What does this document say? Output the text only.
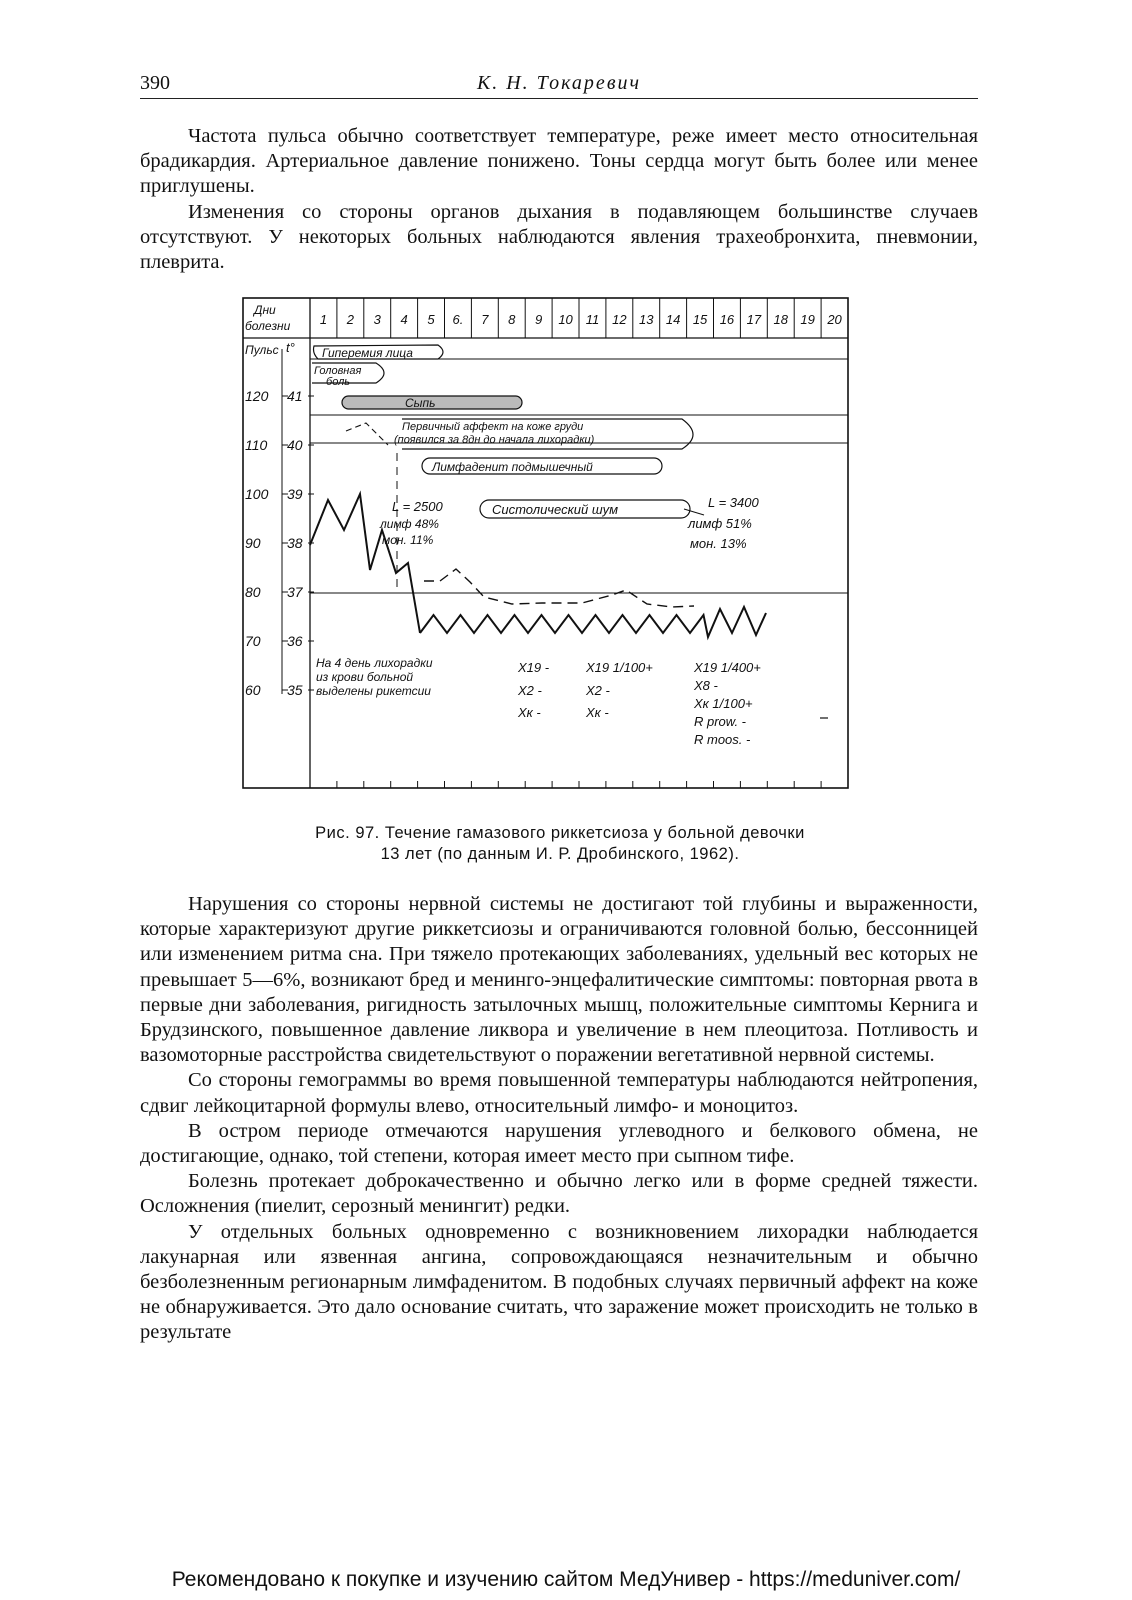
390	К. Н. Токаревич

Частота пульса обычно соответствует температуре, реже имеет место относительная брадикардия. Артериальное давление понижено. Тоны сердца могут быть более или менее приглушены.

Изменения со стороны органов дыхания в подавляющем большинстве случаев отсутствуют. У некоторых больных наблюдаются явления трахеобронхита, пневмонии, плеврита.

1 2 3 4 5 6. 7 8 9 10 11 12 13 14 15 16 17 18 19 20
120 41
110 40
100 39
90 38
80 37
70 36
60 35
Дни
болезни
Пульс t° Гиперемия лица
Головная
боль
Сыпь
Первичный аффект на коже груди
(появился за 8дн до начала лихорадки)
Лимфаденит подмышечный
Систолический шум
L = 2500
лимф 48%
мон. 11%
L = 3400
лимф 51%
мон. 13%
На 4 день лихорадки
из крови больной
выделены рикетсии
X19 -
X2 -
Xк -
X19 1/100+
X2 -
Xк -
X19 1/400+
X8 -
Xк 1/100+
R prow. -
R moos. -
Рис. 97. Течение гамазового риккетсиоза у больной девочки
13 лет (по данным И. Р. Дробинского, 1962).

Нарушения со стороны нервной системы не достигают той глубины и выраженности, которые характеризуют другие риккетсиозы и ограничиваются головной болью, бессонницей или изменением ритма сна. При тяжело протекающих заболеваниях, удельный вес которых не превышает 5—6%, возникают бред и менинго-энцефалитические симптомы: повторная рвота в первые дни заболевания, ригидность затылочных мышц, положительные симптомы Кернига и Брудзинского, повышенное давление ликвора и увеличение в нем плеоцитоза. Потливость и вазомоторные расстройства свидетельствуют о поражении вегетативной нервной системы.

Со стороны гемограммы во время повышенной температуры наблюдаются нейтропения, сдвиг лейкоцитарной формулы влево, относительный лимфо- и моноцитоз.

В остром периоде отмечаются нарушения углеводного и белкового обмена, не достигающие, однако, той степени, которая имеет место при сыпном тифе.

Болезнь протекает доброкачественно и обычно легко или в форме средней тяжести. Осложнения (пиелит, серозный менингит) редки.

У отдельных больных одновременно с возникновением лихорадки наблюдается лакунарная или язвенная ангина, сопровождающаяся незначительным и обычно безболезненным регионарным лимфаденитом. В подобных случаях первичный аффект на коже не обнаруживается. Это дало основание считать, что заражение может происходить не только в результате

Рекомендовано к покупке и изучению сайтом МедУнивер - https://meduniver.com/
